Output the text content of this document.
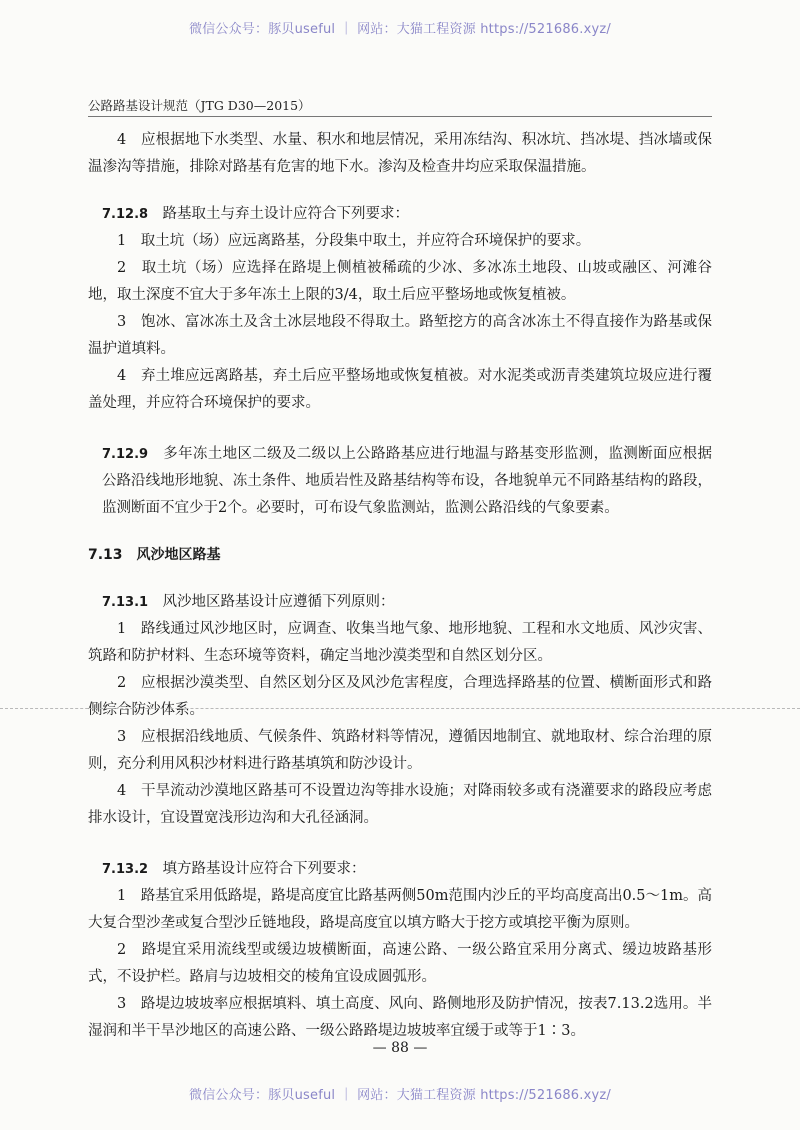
微信公众号：豚贝useful ｜ 网站：大猫工程资源 https://521686.xyz/
公路路基设计规范（JTG D30—2015）

4　应根据地下水类型、水量、积水和地层情况，采用冻结沟、积冰坑、挡冰堤、挡冰墙或保温渗沟等措施，排除对路基有危害的地下水。渗沟及检查井均应采取保温措施。

7.12.8　路基取土与弃土设计应符合下列要求：

1　取土坑（场）应远离路基，分段集中取土，并应符合环境保护的要求。

2　取土坑（场）应选择在路堤上侧植被稀疏的少冰、多冰冻土地段、山坡或融区、河滩谷地，取土深度不宜大于多年冻土上限的3/4，取土后应平整场地或恢复植被。

3　饱冰、富冰冻土及含土冰层地段不得取土。路堑挖方的高含冰冻土不得直接作为路基或保温护道填料。

4　弃土堆应远离路基，弃土后应平整场地或恢复植被。对水泥类或沥青类建筑垃圾应进行覆盖处理，并应符合环境保护的要求。

7.12.9　多年冻土地区二级及二级以上公路路基应进行地温与路基变形监测，监测断面应根据公路沿线地形地貌、冻土条件、地质岩性及路基结构等布设，各地貌单元不同路基结构的路段，监测断面不宜少于2个。必要时，可布设气象监测站，监测公路沿线的气象要素。

7.13　风沙地区路基

7.13.1　风沙地区路基设计应遵循下列原则：

1　路线通过风沙地区时，应调查、收集当地气象、地形地貌、工程和水文地质、风沙灾害、筑路和防护材料、生态环境等资料，确定当地沙漠类型和自然区划分区。

2　应根据沙漠类型、自然区划分区及风沙危害程度，合理选择路基的位置、横断面形式和路侧综合防沙体系。

3　应根据沿线地质、气候条件、筑路材料等情况，遵循因地制宜、就地取材、综合治理的原则，充分利用风积沙材料进行路基填筑和防沙设计。

4　干旱流动沙漠地区路基可不设置边沟等排水设施；对降雨较多或有浇灌要求的路段应考虑排水设计，宜设置宽浅形边沟和大孔径涵洞。

7.13.2　填方路基设计应符合下列要求：

1　路基宜采用低路堤，路堤高度宜比路基两侧50m范围内沙丘的平均高度高出0.5～1m。高大复合型沙垄或复合型沙丘链地段，路堤高度宜以填方略大于挖方或填挖平衡为原则。

2　路堤宜采用流线型或缓边坡横断面，高速公路、一级公路宜采用分离式、缓边坡路基形式，不设护栏。路肩与边坡相交的棱角宜设成圆弧形。

3　路堤边坡坡率应根据填料、填土高度、风向、路侧地形及防护情况，按表7.13.2选用。半湿润和半干旱沙地区的高速公路、一级公路路堤边坡坡率宜缓于或等于1∶3。

— 88 —
微信公众号：豚贝useful ｜ 网站：大猫工程资源 https://521686.xyz/
